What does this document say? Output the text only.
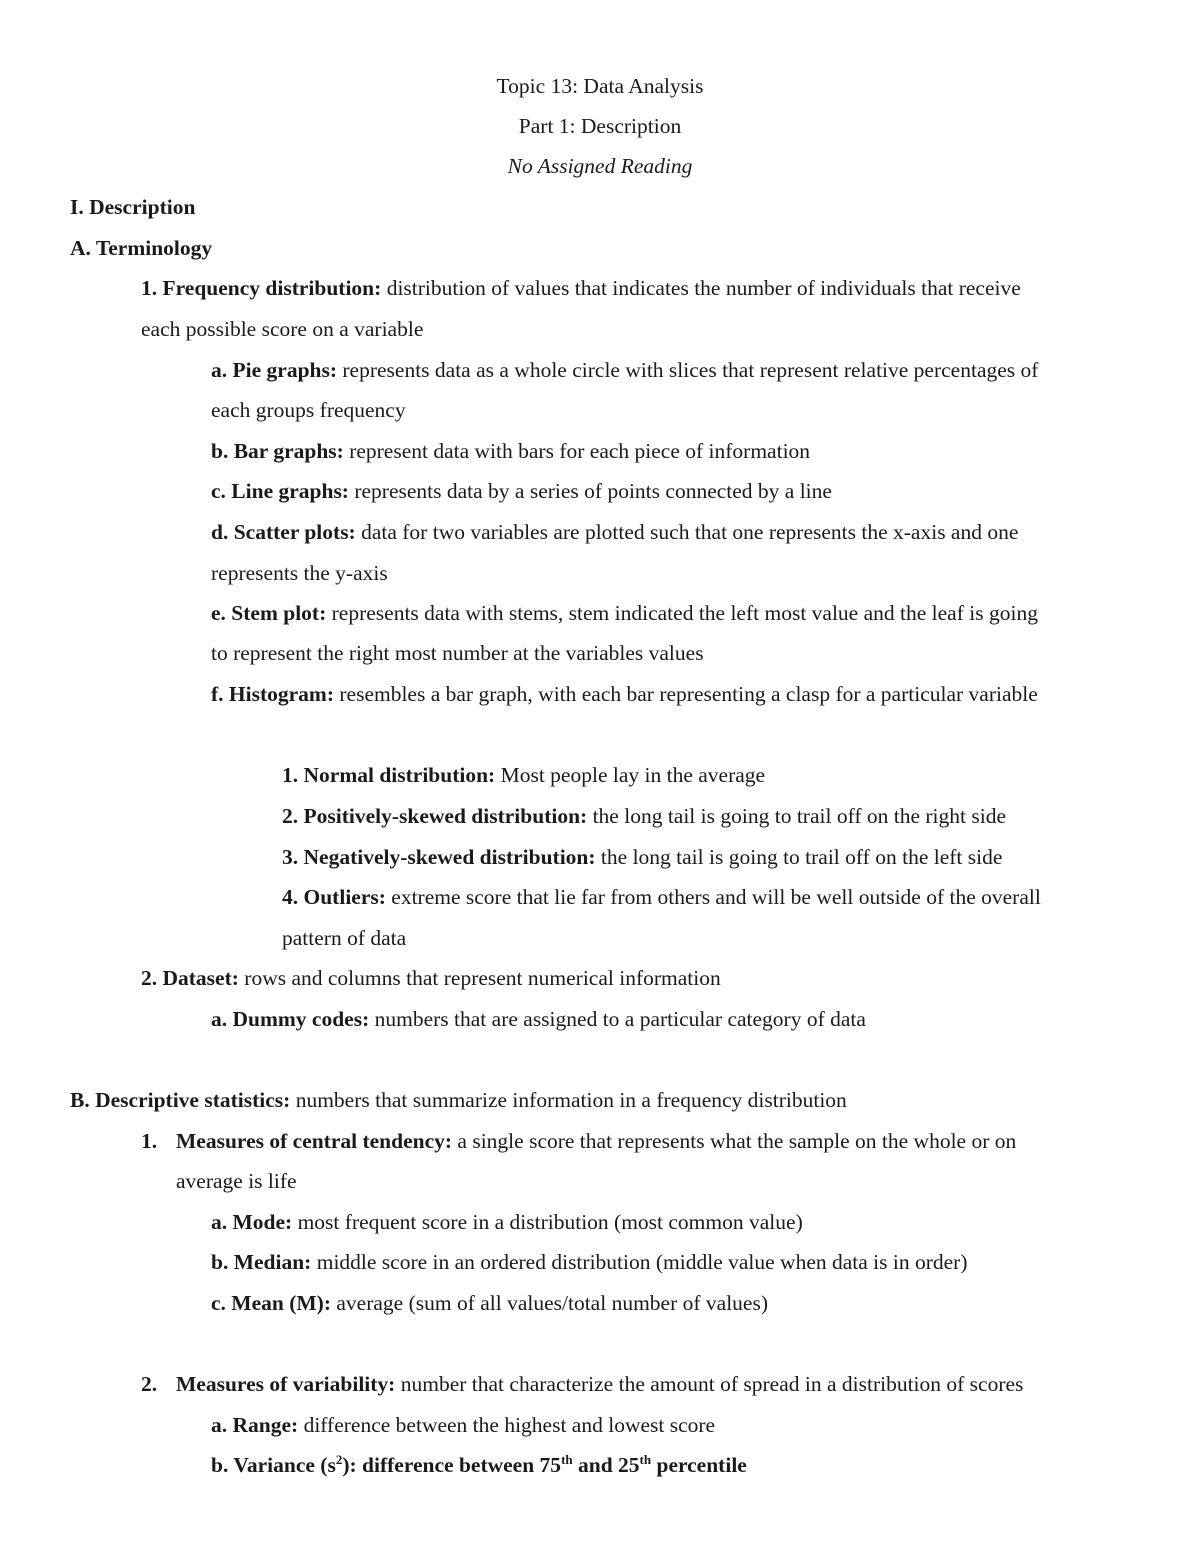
Topic 13: Data Analysis
Part 1: Description
No Assigned Reading
I. Description
A. Terminology
1. Frequency distribution: distribution of values that indicates the number of individuals that receive
each possible score on a variable
a. Pie graphs: represents data as a whole circle with slices that represent relative percentages of
each groups frequency
b. Bar graphs: represent data with bars for each piece of information
c. Line graphs: represents data by a series of points connected by a line
d. Scatter plots: data for two variables are plotted such that one represents the x-axis and one
represents the y-axis
e. Stem plot: represents data with stems, stem indicated the left most value and the leaf is going
to represent the right most number at the variables values
f. Histogram: resembles a bar graph, with each bar representing a clasp for a particular variable
1. Normal distribution: Most people lay in the average
2. Positively-skewed distribution: the long tail is going to trail off on the right side
3. Negatively-skewed distribution: the long tail is going to trail off on the left side
4. Outliers: extreme score that lie far from others and will be well outside of the overall
pattern of data
2. Dataset: rows and columns that represent numerical information
a. Dummy codes: numbers that are assigned to a particular category of data
B. Descriptive statistics: numbers that summarize information in a frequency distribution
1. Measures of central tendency: a single score that represents what the sample on the whole or on
average is life
a. Mode: most frequent score in a distribution (most common value)
b. Median: middle score in an ordered distribution (middle value when data is in order)
c. Mean (M): average (sum of all values/total number of values)
2. Measures of variability: number that characterize the amount of spread in a distribution of scores
a. Range: difference between the highest and lowest score
b. Variance $(s^2)$: difference between 75th and 25th percentile
